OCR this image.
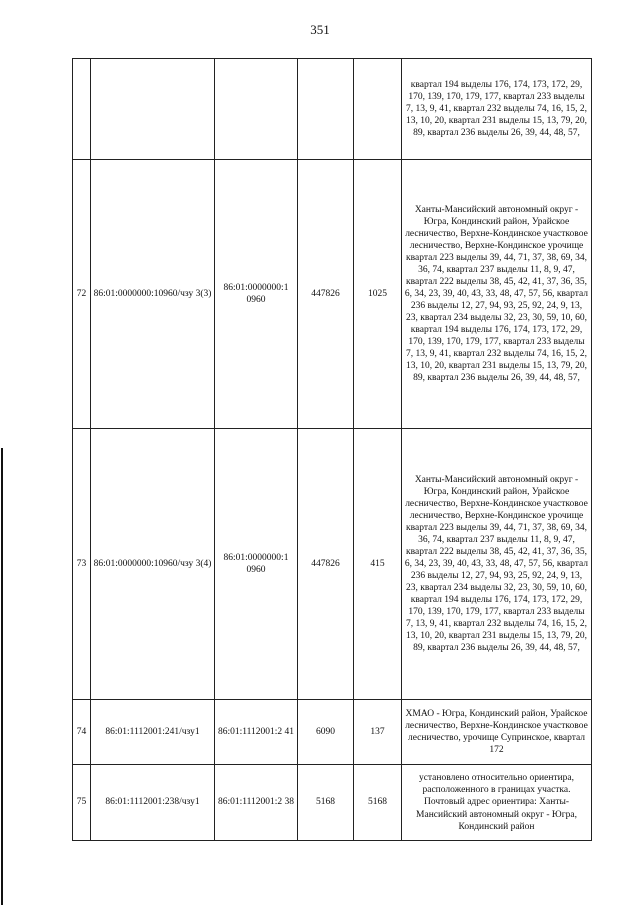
351
					квартал 194 выделы 176, 174, 173, 172, 29, 170, 139, 170, 179, 177, квартал 233 выделы 7, 13, 9, 41, квартал 232 выделы 74, 16, 15, 2, 13, 10, 20, квартал 231 выделы 15, 13, 79, 20, 89, квартал 236 выделы 26, 39, 44, 48, 57,
72	86:01:0000000:10960/чзу 3(3)	86:01:0000000:1 0960	447826	1025	Ханты-Мансийский автономный округ - Югра, Кондинский район, Урайское лесничество, Верхне-Кондинское участковое лесничество, Верхне-Кондинское урочище квартал 223 выделы 39, 44, 71, 37, 38, 69, 34, 36, 74, квартал 237 выделы 11, 8, 9, 47, квартал 222 выделы 38, 45, 42, 41, 37, 36, 35, 6, 34, 23, 39, 40, 43, 33, 48, 47, 57, 56, квартал 236 выделы 12, 27, 94, 93, 25, 92, 24, 9, 13, 23, квартал 234 выделы 32, 23, 30, 59, 10, 60, квартал 194 выделы 176, 174, 173, 172, 29, 170, 139, 170, 179, 177, квартал 233 выделы 7, 13, 9, 41, квартал 232 выделы 74, 16, 15, 2, 13, 10, 20, квартал 231 выделы 15, 13, 79, 20, 89, квартал 236 выделы 26, 39, 44, 48, 57,
73	86:01:0000000:10960/чзу 3(4)	86:01:0000000:1 0960	447826	415	Ханты-Мансийский автономный округ - Югра, Кондинский район, Урайское лесничество, Верхне-Кондинское участковое лесничество, Верхне-Кондинское урочище квартал 223 выделы 39, 44, 71, 37, 38, 69, 34, 36, 74, квартал 237 выделы 11, 8, 9, 47, квартал 222 выделы 38, 45, 42, 41, 37, 36, 35, 6, 34, 23, 39, 40, 43, 33, 48, 47, 57, 56, квартал 236 выделы 12, 27, 94, 93, 25, 92, 24, 9, 13, 23, квартал 234 выделы 32, 23, 30, 59, 10, 60, квартал 194 выделы 176, 174, 173, 172, 29, 170, 139, 170, 179, 177, квартал 233 выделы 7, 13, 9, 41, квартал 232 выделы 74, 16, 15, 2, 13, 10, 20, квартал 231 выделы 15, 13, 79, 20, 89, квартал 236 выделы 26, 39, 44, 48, 57,
74	86:01:1112001:241/чзу1	86:01:1112001:2 41	6090	137	ХМАО - Югра, Кондинский район, Урайское лесничество, Верхне-Кондинское участковое лесничество, урочище Супринское, квартал 172
75	86:01:1112001:238/чзу1	86:01:1112001:2 38	5168	5168	установлено относительно ориентира, расположенного в границах участка. Почтовый адрес ориентира: Ханты-Мансийский автономный округ - Югра, Кондинский район
